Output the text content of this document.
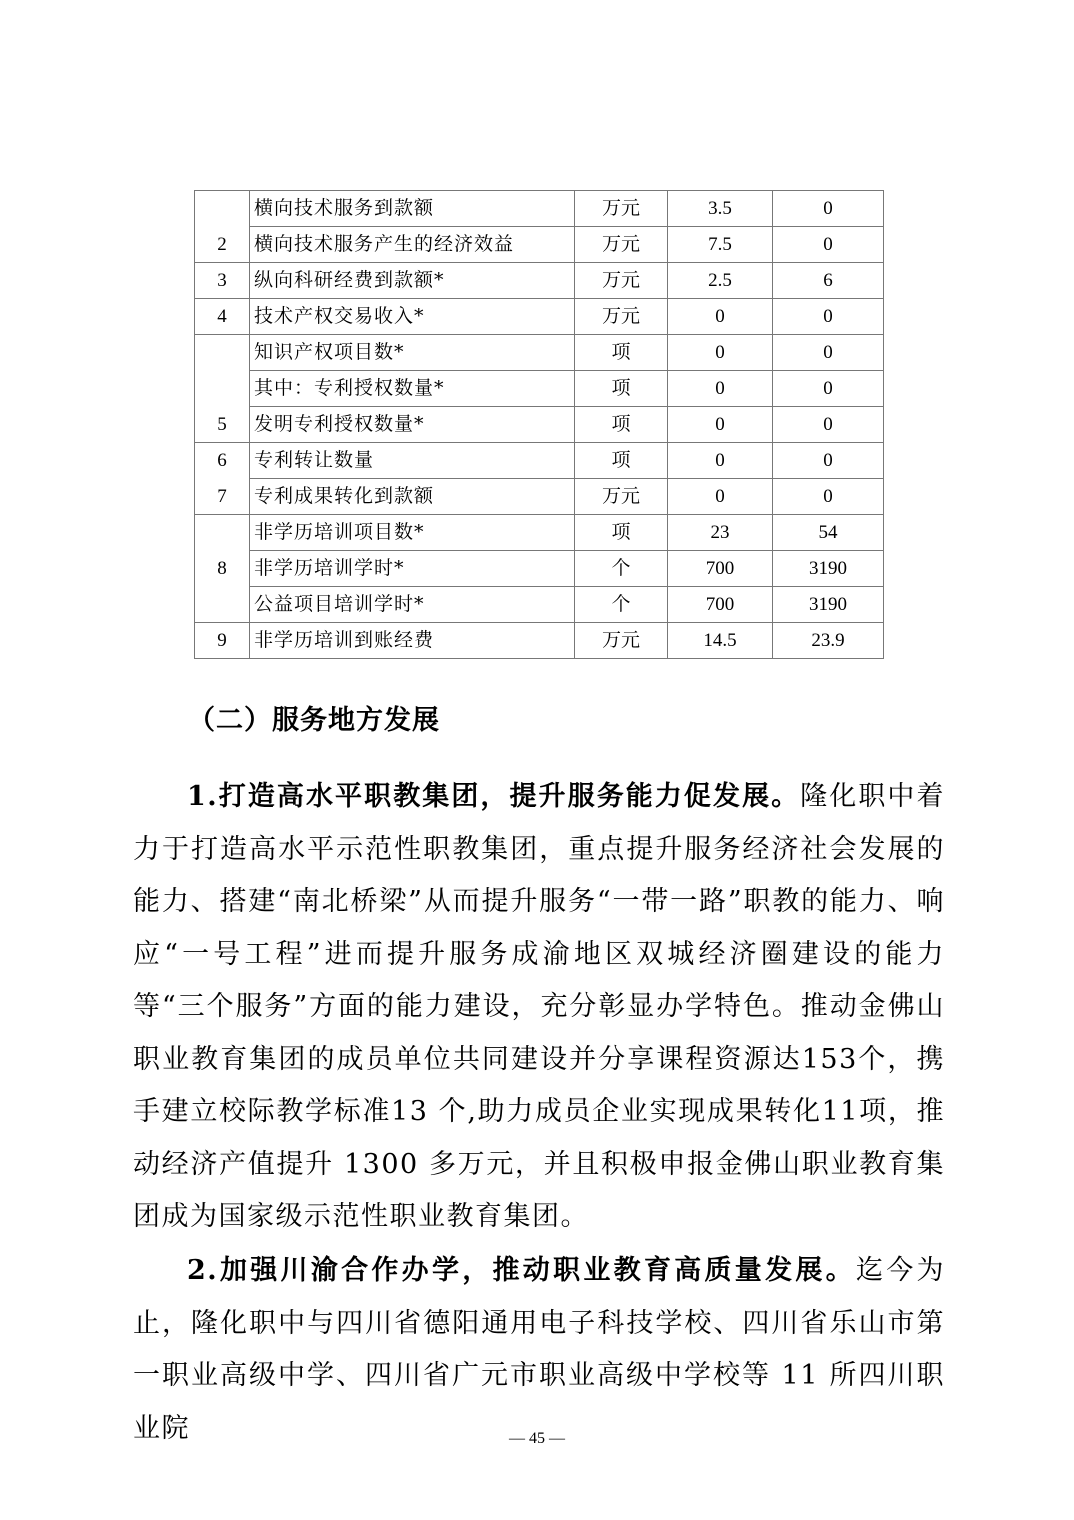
	横向技术服务到款额	万元	3.5	0
2	横向技术服务产生的经济效益	万元	7.5	0
3	纵向科研经费到款额*	万元	2.5	6
4	技术产权交易收入*	万元	0	0
	知识产权项目数*	项	0	0
	其中：专利授权数量*	项	0	0
5	发明专利授权数量*	项	0	0
6	专利转让数量	项	0	0
7	专利成果转化到款额	万元	0	0
	非学历培训项目数*	项	23	54
8	非学历培训学时*	个	700	3190
	公益项目培训学时*	个	700	3190
9	非学历培训到账经费	万元	14.5	23.9
（二）服务地方发展

1.打造高水平职教集团，提升服务能力促发展。隆化职中着力于打造高水平示范性职教集团，重点提升服务经济社会发展的能力、搭建“南北桥梁”从而提升服务“一带一路”职教的能力、响应“一号工程”进而提升服务成渝地区双城经济圈建设的能力等“三个服务”方面的能力建设，充分彰显办学特色。推动金佛山职业教育集团的成员单位共同建设并分享课程资源达153个，携手建立校际教学标准13 个,助力成员企业实现成果转化11项，推动经济产值提升 1300 多万元，并且积极申报金佛山职业教育集团成为国家级示范性职业教育集团。

2.加强川渝合作办学，推动职业教育高质量发展。迄今为止，隆化职中与四川省德阳通用电子科技学校、四川省乐山市第一职业高级中学、四川省广元市职业高级中学校等 11 所四川职业院	— 45 —
